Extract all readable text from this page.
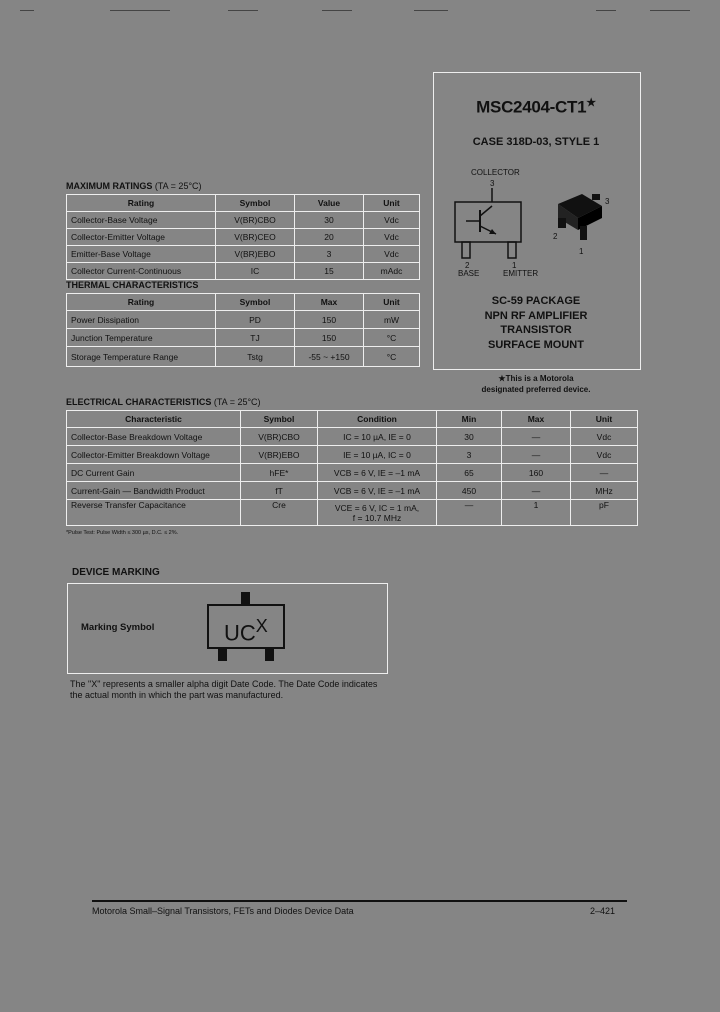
MSC2404-CT1★
CASE 318D-03, STYLE 1
COLLECTOR
3
2
BASE
1
EMITTER
3
2
1
SC-59 PACKAGE
NPN RF AMPLIFIER
TRANSISTOR
SURFACE MOUNT
★This is a Motorola
designated preferred device.
MAXIMUM RATINGS (TA = 25°C)
Rating	Symbol	Value	Unit
Collector-Base Voltage	V(BR)CBO	30	Vdc
Collector-Emitter Voltage	V(BR)CEO	20	Vdc
Emitter-Base Voltage	V(BR)EBO	3	Vdc
Collector Current-Continuous	IC	15	mAdc
THERMAL CHARACTERISTICS
Rating	Symbol	Max	Unit
Power Dissipation	PD	150	mW
Junction Temperature	TJ	150	°C
Storage Temperature Range	Tstg	-55 ~ +150	°C
ELECTRICAL CHARACTERISTICS (TA = 25°C)
Characteristic	Symbol	Condition	Min	Max	Unit
Collector-Base Breakdown Voltage	V(BR)CBO	IC = 10 µA, IE = 0	30	—	Vdc
Collector-Emitter Breakdown Voltage	V(BR)EBO	IE = 10 µA, IC = 0	3	—	Vdc
DC Current Gain	hFE*	VCB = 6 V, IE = –1 mA	65	160	—
Current-Gain — Bandwidth Product	fT	VCB = 6 V, IE = –1 mA	450	—	MHz
Reverse Transfer Capacitance	Cre	VCE = 6 V, IC = 1 mA,
f = 10.7 MHz	—	1	pF
*Pulse Test: Pulse Width ≤ 300 µs, D.C. ≤ 2%.
DEVICE MARKING
Marking Symbol	$UC^X$
The "X" represents a smaller alpha digit Date Code. The Date Code indicates
the actual month in which the part was manufactured.
Motorola Small–Signal Transistors, FETs and Diodes Device Data	2–421
